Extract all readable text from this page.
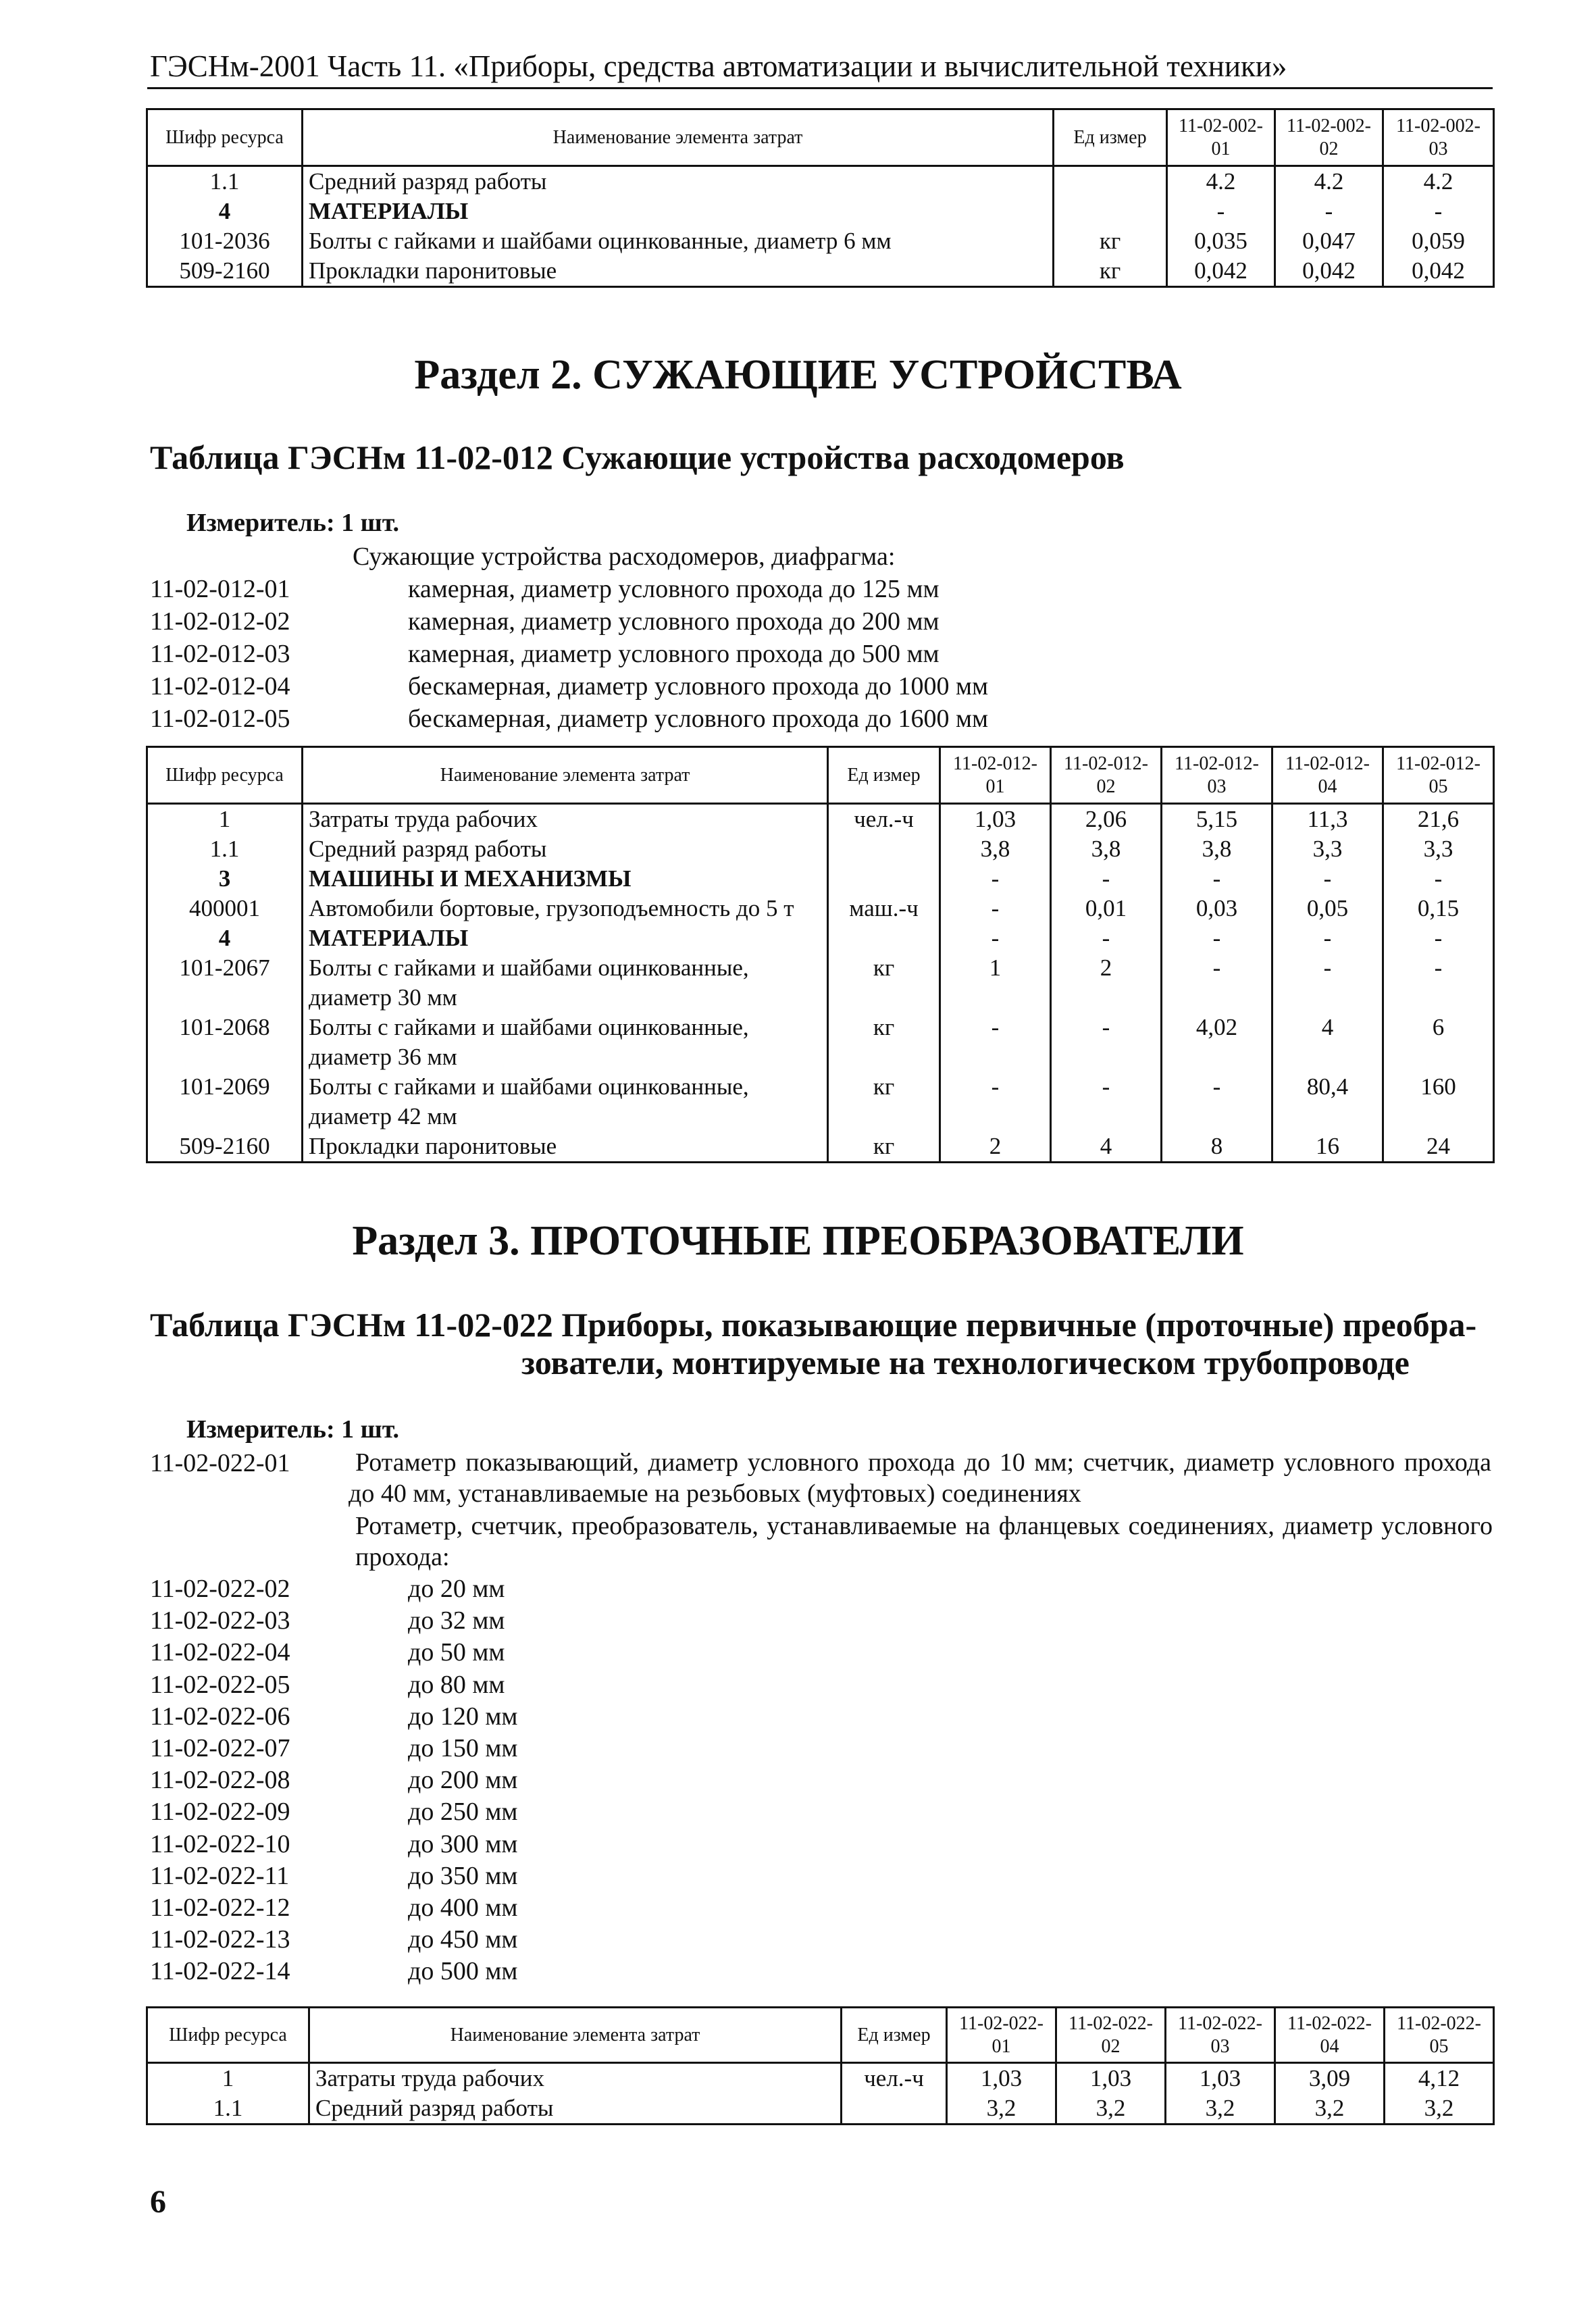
ГЭСНм-2001 Часть 11. «Приборы, средства автоматизации и вычислительной техники»
Шифр ресурса	Наименование элемента затрат	Ед измер	11-02-002-01	11-02-002-02	11-02-002-03
1.1	Средний разряд работы		4.2	4.2	4.2
4	МАТЕРИАЛЫ		-	-	-
101-2036	Болты с гайками и шайбами оцинкованные, диаметр 6 мм	кг	0,035	0,047	0,059
509-2160	Прокладки паронитовые	кг	0,042	0,042	0,042
Раздел 2. СУЖАЮЩИЕ УСТРОЙСТВА
Таблица ГЭСНм 11-02-012 Сужающие устройства расходомеров
Измеритель: 1 шт.
Сужающие устройства расходомеров, диафрагма:
11-02-012-01	камерная, диаметр условного прохода до 125 мм
11-02-012-02	камерная, диаметр условного прохода до 200 мм
11-02-012-03	камерная, диаметр условного прохода до 500 мм
11-02-012-04	бескамерная, диаметр условного прохода до 1000 мм
11-02-012-05	бескамерная, диаметр условного прохода до 1600 мм
Шифр ресурса	Наименование элемента затрат	Ед измер	11-02-012-01	11-02-012-02	11-02-012-03	11-02-012-04	11-02-012-05
1	Затраты труда рабочих	чел.-ч	1,03	2,06	5,15	11,3	21,6
1.1	Средний разряд работы		3,8	3,8	3,8	3,3	3,3
3	МАШИНЫ И МЕХАНИЗМЫ		-	-	-	-	-
400001	Автомобили бортовые, грузоподъемность до 5 т	маш.-ч	-	0,01	0,03	0,05	0,15
4	МАТЕРИАЛЫ		-	-	-	-	-
101-2067	Болты с гайками и шайбами оцинкованные, диаметр 30 мм	кг	1	2	-	-	-
101-2068	Болты с гайками и шайбами оцинкованные, диаметр 36 мм	кг	-	-	4,02	4	6
101-2069	Болты с гайками и шайбами оцинкованные, диаметр 42 мм	кг	-	-	-	80,4	160
509-2160	Прокладки паронитовые	кг	2	4	8	16	24
Раздел 3. ПРОТОЧНЫЕ ПРЕОБРАЗОВАТЕЛИ
Таблица ГЭСНм 11-02-022 Приборы, показывающие первичные (проточные) преобра-
зователи, монтируемые на технологическом трубопроводе
Измеритель: 1 шт.
11-02-022-01	Ротаметр показывающий, диаметр условного прохода до 10 мм; счетчик, диаметр условного прохода до 40 мм, устанавливаемые на резьбовых (муфтовых) соединениях
Ротаметр, счетчик, преобразователь, устанавливаемые на фланцевых соединениях, диаметр условного прохода:
11-02-022-02	до 20 мм
11-02-022-03	до 32 мм
11-02-022-04	до 50 мм
11-02-022-05	до 80 мм
11-02-022-06	до 120 мм
11-02-022-07	до 150 мм
11-02-022-08	до 200 мм
11-02-022-09	до 250 мм
11-02-022-10	до 300 мм
11-02-022-11	до 350 мм
11-02-022-12	до 400 мм
11-02-022-13	до 450 мм
11-02-022-14	до 500 мм
Шифр ресурса	Наименование элемента затрат	Ед измер	11-02-022-01	11-02-022-02	11-02-022-03	11-02-022-04	11-02-022-05
1	Затраты труда рабочих	чел.-ч	1,03	1,03	1,03	3,09	4,12
1.1	Средний разряд работы		3,2	3,2	3,2	3,2	3,2
6
